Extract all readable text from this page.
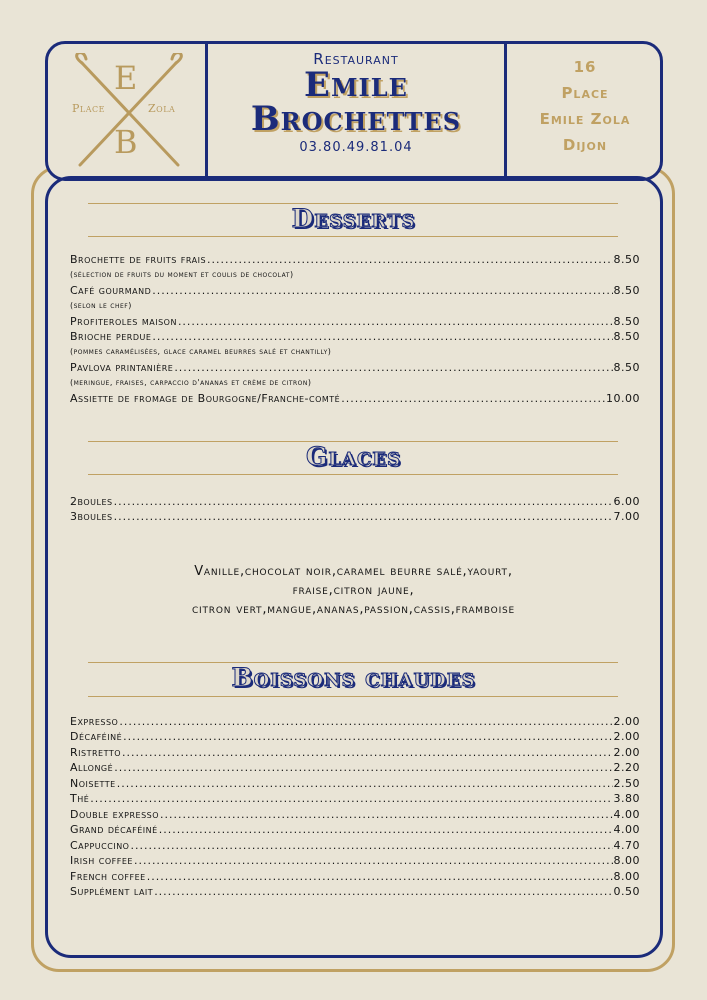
E
Place	Zola
B
Restaurant
Emile
Brochettes
03.80.49.81.04
16
Place
Emile Zola
Dijon
Desserts
Brochette de fruits frais .....	8.50
(sélection de fruits du moment et coulis de chocolat)
Café gourmand .....	8.50
(selon le chef)
Profiteroles maison .....	8.50
Brioche perdue .....	8.50
(pommes caramélisées, glace caramel beurres salé et chantilly)
Pavlova printanière .....	8.50
(meringue, fraises, carpaccio d'ananas et crème de citron)
Assiette de fromage de Bourgogne/Franche-comté .....	10.00
Glaces
2boules .....	6.00
3boules .....	7.00
Vanille,chocolat noir,caramel beurre salé,yaourt,
fraise,citron jaune,
citron vert,mangue,ananas,passion,cassis,framboise
Boissons chaudes
Expresso .....	2.00
Décaféiné .....	2.00
Ristretto .....	2.00
Allongé .....	2.20
Noisette .....	2.50
Thé .....	3.80
Double expresso .....	4.00
Grand décaféiné .....	4.00
Cappuccino .....	4.70
Irish coffee .....	8.00
French coffee .....	8.00
Supplément lait .....	0.50
